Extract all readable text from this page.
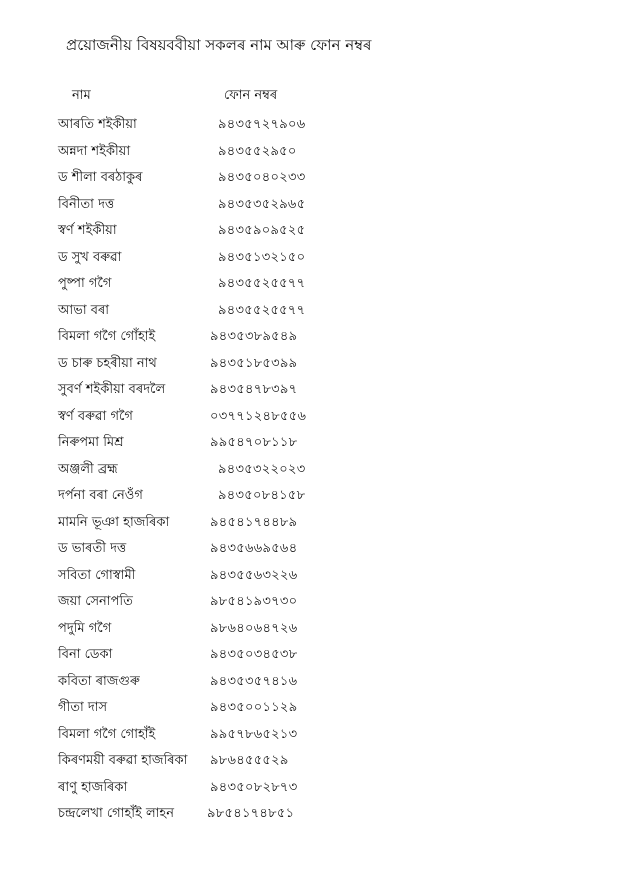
প্ৰয়োজনীয় বিষয়ববীয়া সকলৰ নাম আৰু ফোন নম্বৰ
নাম	ফোন নম্বৰ
আৰতি শইকীয়া	৯৪৩৫৭২৭৯০৬
অন্নদা শইকীয়া	৯৪৩৫৫২৯৫০
ড শীলা বৰঠাকুৰ	৯৪৩৫০৪০২৩৩
বিনীতা দত্ত	৯৪৩৫৩৫২৯৬৫
স্বৰ্ণ শইকীয়া	৯৪৩৫৯০৯৫২৫
ড সুখ বৰুৱা	৯৪৩৫১৩২১৫০
পুষ্পা গগৈ	৯৪৩৫৫২৫৫৭৭
আভা বৰা	৯৪৩৫৫২৫৫৭৭
বিমলা গগৈ গোঁহাই	৯৪৩৫৩৮৯৫৪৯
ড চাৰু চহৰীয়া নাথ	৯৪৩৫১৮৫৩৯৯
সুবৰ্ণ শইকীয়া বৰদলৈ	৯৪৩৫৪৭৮৩৯৭
স্বৰ্ণ বৰুৱা গগৈ	০৩৭৭১২৪৮৫৫৬
নিৰুপমা মিশ্ৰ	৯৯৫৪৭০৮১১৮
অঞ্জলী ব্ৰহ্ম	৯৪৩৫৩২২০২৩
দৰ্পনা বৰা নেওঁগ	৯৪৩৫০৮৪১৫৮
মামনি ভূঞা হাজৰিকা	৯৪৫৪১৭৪৪৮৯
ড ভাৰতী দত্ত	৯৪৩৫৬৬৯৫৬৪
সবিতা গোস্বামী	৯৪৩৫৫৬৩২২৬
জয়া সেনাপতি	৯৮৫৪১৯৩৭৩০
পদুমি গগৈ	৯৮৬৪০৬৪৭২৬
বিনা ডেকা	৯৪৩৫০৩৪৫৩৮
কবিতা ৰাজগুৰু	৯৪৩৫৩৫৭৪১৬
গীতা দাস	৯৪৩৫০০১১২৯
বিমলা গগৈ গোহাঁই	৯৯৫৭৮৬৫২১৩
কিৰণময়ী বৰুৱা হাজৰিকা ৯৮৬৪৫৫৫২৯
ৰাণু হাজৰিকা	৯৪৩৫০৮২৮৭৩
চন্দ্ৰলেখা গোহাঁই লাহন	৯৮৫৪১৭৪৮৫১
